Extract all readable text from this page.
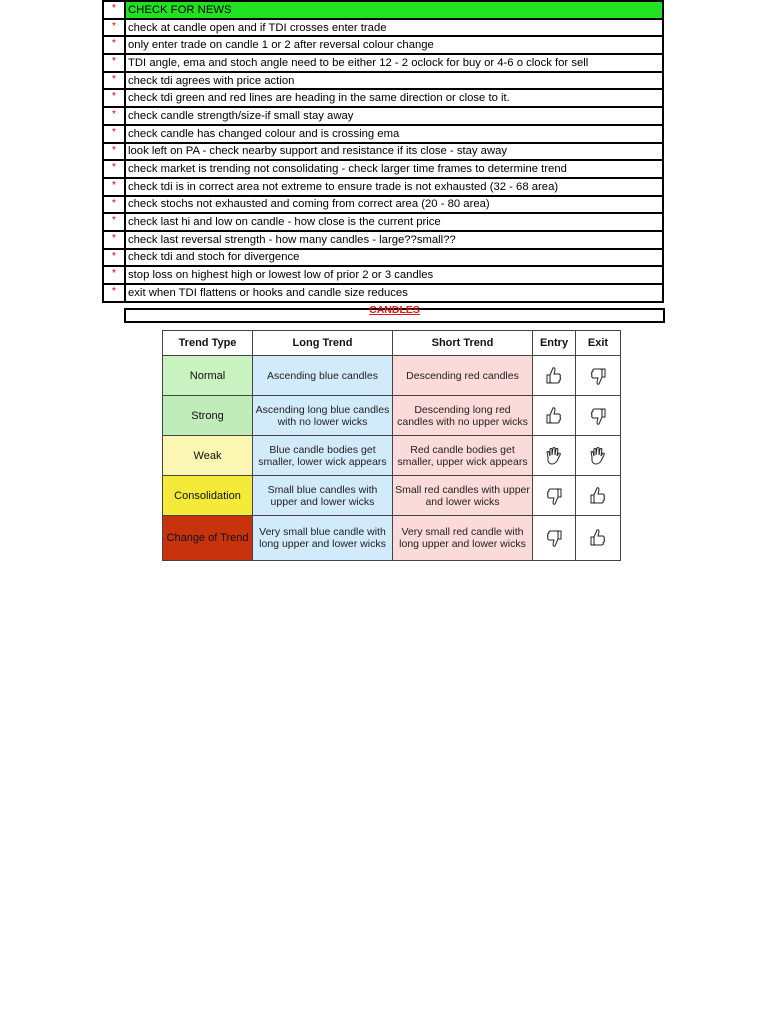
*	CHECK FOR NEWS
*	check at candle open and if TDI crosses enter trade
*	only enter trade on candle 1 or 2 after reversal colour change
*	TDI angle, ema and stoch angle need to be either 12 - 2 oclock for buy or 4-6 o clock for sell
*	check tdi agrees with price action
*	check tdi green and red lines are heading in the same direction or close to it.
*	check candle strength/size-if small stay away
*	check candle has changed colour and is crossing ema
*	look left on PA - check nearby support and resistance if its close - stay away
*	check market is trending not consolidating - check larger time frames to determine trend
*	check tdi is in correct area not extreme to ensure trade is not exhausted (32 - 68 area)
*	check stochs not exhausted and coming from correct area (20 - 80 area)
*	check last hi and low on candle - how close is the current price
*	check last reversal strength - how many candles - large??small??
*	check tdi and stoch for divergence
*	stop loss on highest high or lowest low of prior 2 or 3 candles
*	exit when TDI flattens or hooks and candle size reduces
CANDLES
Trend Type	Long Trend	Short Trend	Entry	Exit
Normal	Ascending blue candles	Descending red candles	

Strong	Ascending long blue candles with no lower wicks	Descending long red candles with no upper wicks	

Weak	Blue candle bodies get smaller, lower wick appears	Red candle bodies get smaller, upper wick appears	

Consolidation	Small blue candles with upper and lower wicks	Small red candles with upper and lower wicks	

Change of Trend	Very small blue candle with long upper and lower wicks	Very small red candle with long upper and lower wicks	
